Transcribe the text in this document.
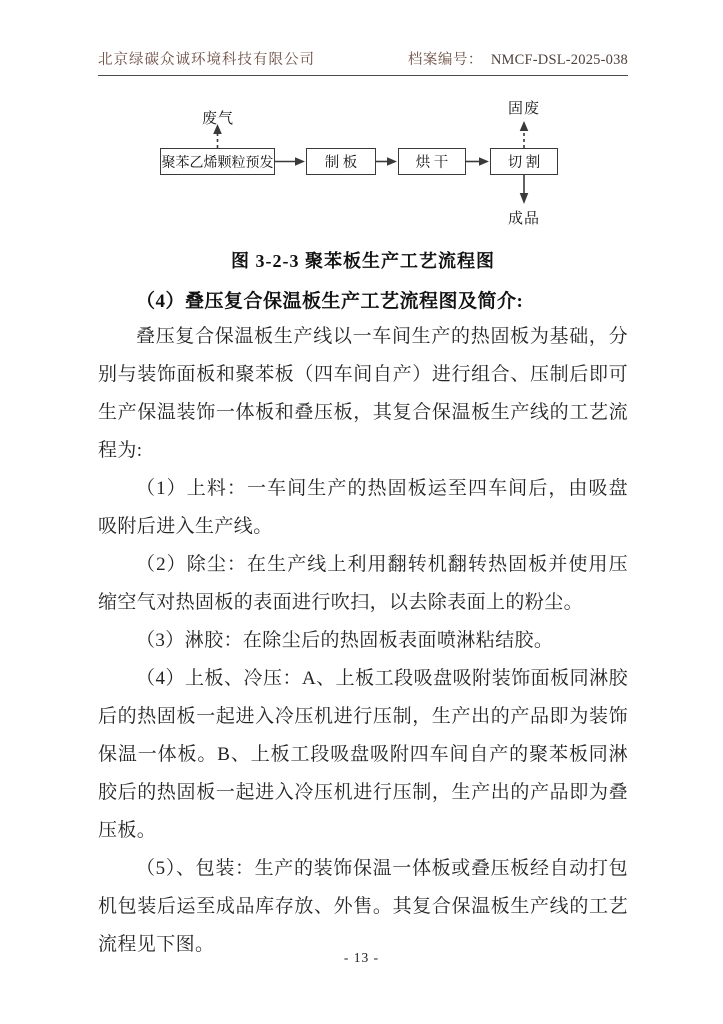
北京绿碳众诚环境科技有限公司	档案编号： NMCF-DSL-2025-038
废气
固废
聚苯乙烯颗粒预发	制 板	烘 干	切 割
成品
图 3-2-3 聚苯板生产工艺流程图
（4）叠压复合保温板生产工艺流程图及简介:

叠压复合保温板生产线以一车间生产的热固板为基础，分别与装饰面板和聚苯板（四车间自产）进行组合、压制后即可生产保温装饰一体板和叠压板，其复合保温板生产线的工艺流程为:

（1）上料：一车间生产的热固板运至四车间后，由吸盘吸附后进入生产线。

（2）除尘：在生产线上利用翻转机翻转热固板并使用压缩空气对热固板的表面进行吹扫，以去除表面上的粉尘。

（3）淋胶：在除尘后的热固板表面喷淋粘结胶。

（4）上板、冷压：A、上板工段吸盘吸附装饰面板同淋胶后的热固板一起进入冷压机进行压制，生产出的产品即为装饰保温一体板。B、上板工段吸盘吸附四车间自产的聚苯板同淋胶后的热固板一起进入冷压机进行压制，生产出的产品即为叠压板。

（5）、包装：生产的装饰保温一体板或叠压板经自动打包机包装后运至成品库存放、外售。其复合保温板生产线的工艺流程见下图。

- 13 -
